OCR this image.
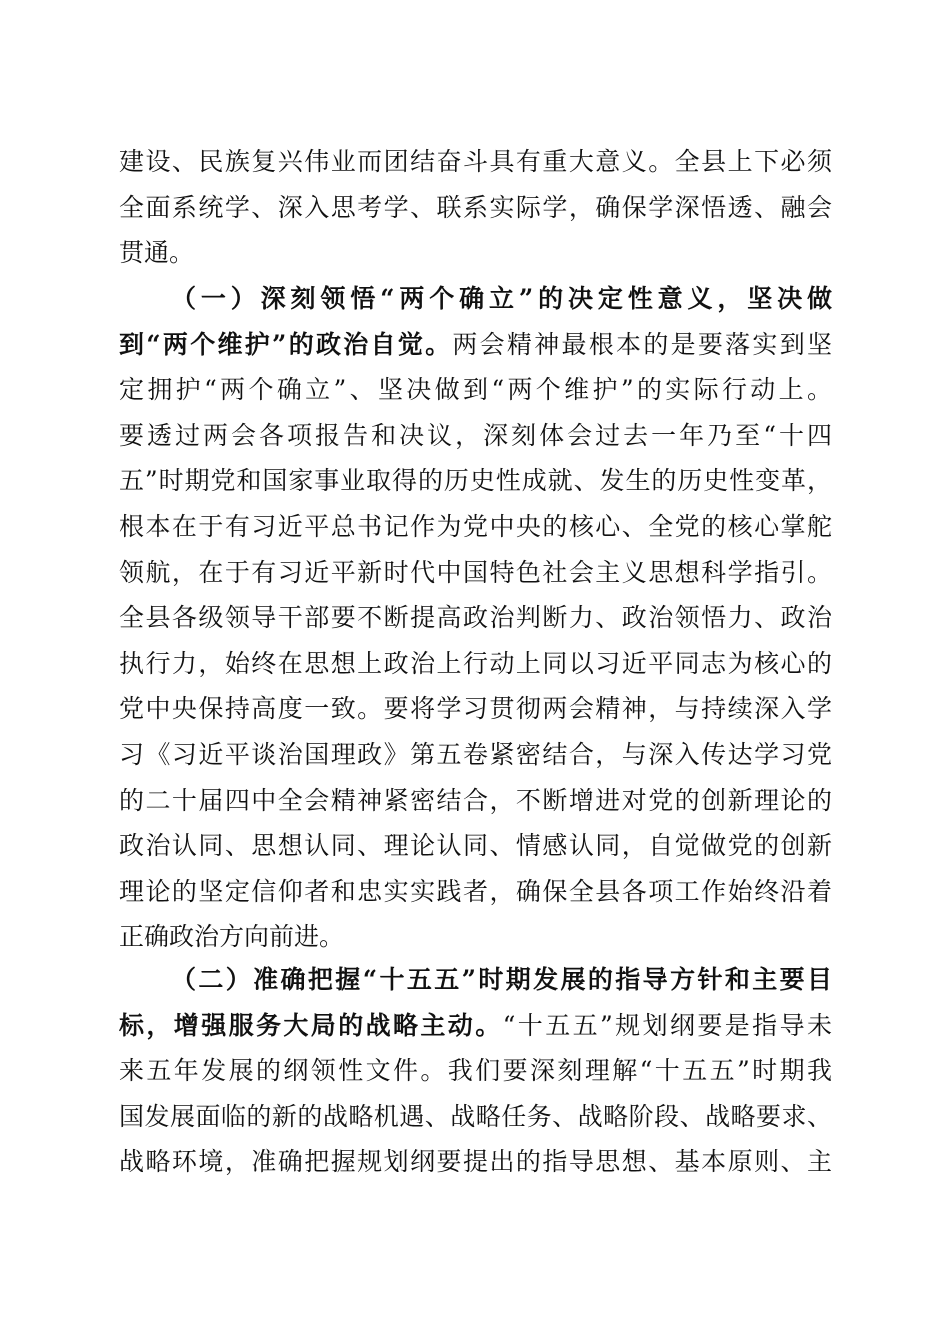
建设、民族复兴伟业而团结奋斗具有重大意义。全县上下必须
全面系统学、深入思考学、联系实际学，确保学深悟透、融会
贯通。
（一）深刻领悟“两个确立”的决定性意义，坚决做
到“两个维护”的政治自觉。两会精神最根本的是要落实到坚
定拥护“两个确立”、坚决做到“两个维护”的实际行动上。
要透过两会各项报告和决议，深刻体会过去一年乃至“十四
五”时期党和国家事业取得的历史性成就、发生的历史性变革，
根本在于有习近平总书记作为党中央的核心、全党的核心掌舵
领航，在于有习近平新时代中国特色社会主义思想科学指引。
全县各级领导干部要不断提高政治判断力、政治领悟力、政治
执行力，始终在思想上政治上行动上同以习近平同志为核心的
党中央保持高度一致。要将学习贯彻两会精神，与持续深入学
习《习近平谈治国理政》第五卷紧密结合，与深入传达学习党
的二十届四中全会精神紧密结合，不断增进对党的创新理论的
政治认同、思想认同、理论认同、情感认同，自觉做党的创新
理论的坚定信仰者和忠实实践者，确保全县各项工作始终沿着
正确政治方向前进。
（二）准确把握“十五五”时期发展的指导方针和主要目
标，增强服务大局的战略主动。“十五五”规划纲要是指导未
来五年发展的纲领性文件。我们要深刻理解“十五五”时期我
国发展面临的新的战略机遇、战略任务、战略阶段、战略要求、
战略环境，准确把握规划纲要提出的指导思想、基本原则、主
